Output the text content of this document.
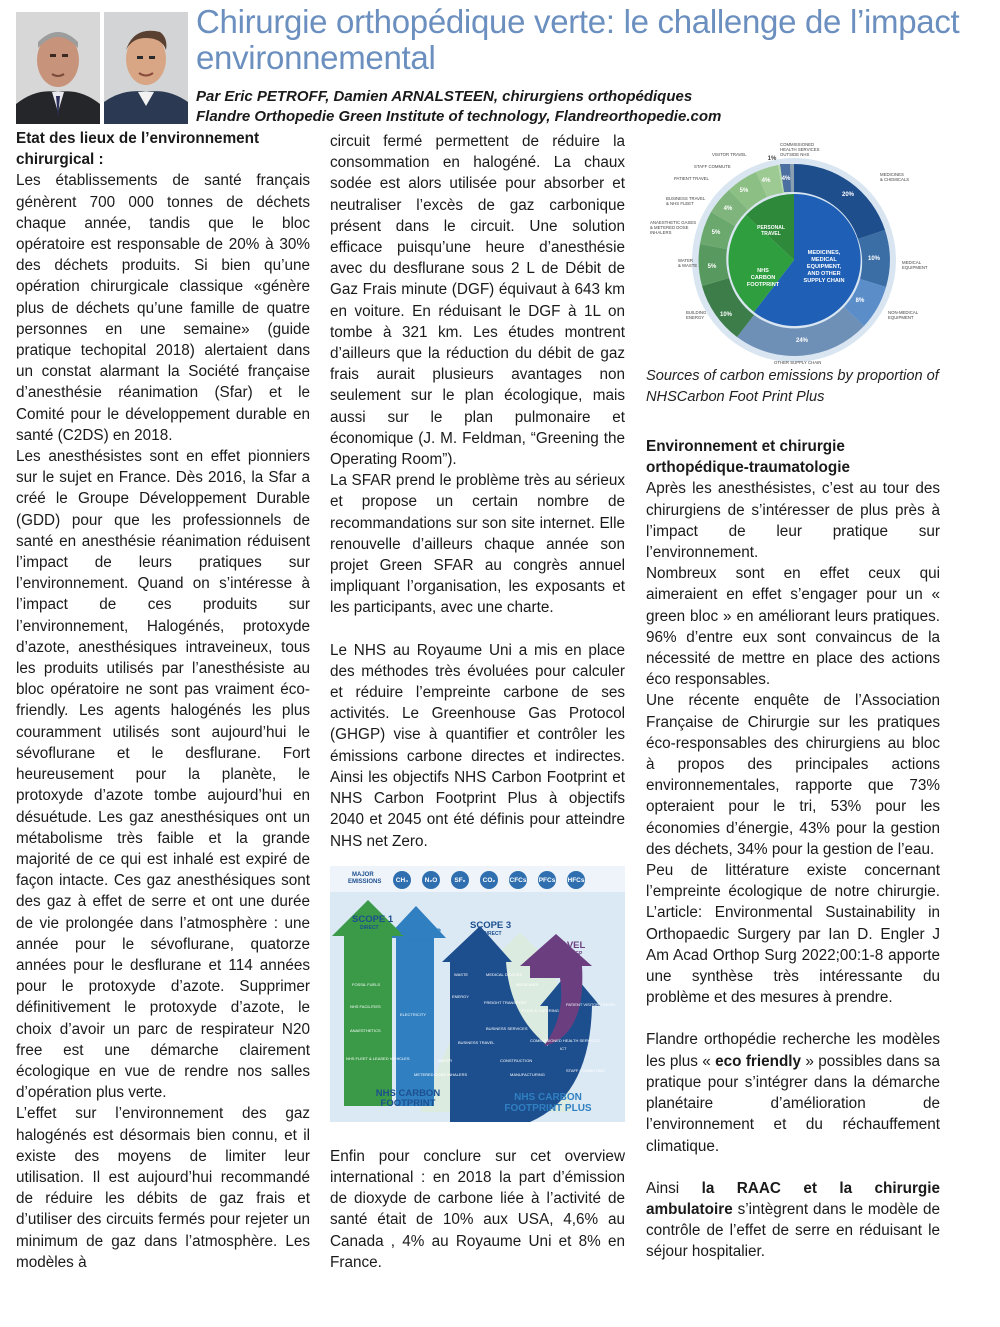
Chirurgie orthopédique verte: le challenge de l’impact environnemental
Par Eric PETROFF, Damien ARNALSTEEN, chirurgiens orthopédiques
Flandre Orthopedie Green Institute of technology, Flandreorthopedie.com

Etat des lieux de l’environnement chirurgical :

Les établissements de santé français génèrent 700 000 tonnes de déchets chaque année, tandis que le bloc opératoire est responsable de 20% à 30% des déchets produits. Si bien qu’une opération chirurgicale classique «génère plus de déchets qu’une famille de quatre personnes en une semaine» (guide pratique techopital 2018) alertaient dans un constat alarmant la Société française d’anesthésie réanimation (Sfar) et le Comité pour le développement durable en santé (C2DS) en 2018.

Les anesthésistes sont en effet pionniers sur le sujet en France. Dès 2016, la Sfar a créé le Groupe Développement Durable (GDD) pour que les professionnels de santé en anesthésie réanimation réduisent l’impact de leurs pratiques sur l’environnement. Quand on s’intéresse à l’impact de ces produits sur l’environnement, Halogénés, protoxyde d’azote, anesthésiques intraveineux, tous les produits utilisés par l’anesthésiste au bloc opératoire ne sont pas vraiment éco-friendly. Les agents halogénés les plus couramment utilisés sont aujourd’hui le sévoflurane et le desflurane. Fort heureusement pour la planète, le protoxyde d’azote tombe aujourd’hui en désuétude. Les gaz anesthésiques ont un métabolisme très faible et la grande majorité de ce qui est inhalé est expiré de façon intacte. Ces gaz anesthésiques sont des gaz à effet de serre et ont une durée de vie prolongée dans l’atmosphère : une année pour le sévoflurane, quatorze années pour le desflurane et 114 années pour le protoxyde d’azote. Supprimer définitivement le protoxyde d’azote, le choix d’avoir un parc de respirateur N20 free est une démarche clairement écologique en vue de rendre nos salles d’opération plus verte.

L’effet sur l’environnement des gaz halogénés est désormais bien connu, et il existe des moyens de limiter leur utilisation. Il est aujourd’hui recommandé de réduire les débits de gaz frais et d’utiliser des circuits fermés pour rejeter un minimum de gaz dans l’atmosphère. Les modèles à

circuit fermé permettent de réduire la consommation en halogéné. La chaux sodée est alors utilisée pour absorber et neutraliser l’excès de gaz carbonique présent dans le circuit. Une solution efficace puisqu’une heure d’anesthésie avec du desflurane sous 2 L de Débit de Gaz Frais minute (DGF) équivaut à 643 km en voiture. En réduisant le DGF à 1L on tombe à 321 km. Les études montrent d’ailleurs que la réduction du débit de gaz frais aurait plusieurs avantages non seulement sur le plan écologique, mais aussi sur le plan pulmonaire et économique (J. M. Feldman, “Greening the Operating Room”).

La SFAR prend le problème très au sérieux et propose un certain nombre de recommandations sur son site internet. Elle renouvelle d’ailleurs chaque année son projet Green SFAR au congrès annuel impliquant l’organisation, les exposants et les participants, avec une charte.

Le NHS au Royaume Uni a mis en place des méthodes très évoluées pour calculer et réduire l’empreinte carbone de ses activités. Le Greenhouse Gas Protocol (GHGP) vise à quantifier et contrôler les émissions carbone directes et indirectes. Ainsi les objectifs NHS Carbon Footprint et NHS Carbon Footprint Plus à objectifs 2040 et 2045 ont été définis pour atteindre NHS net Zero.

MAJOR
EMISSIONS CH₄	N₂O	SF₆	CO₂ CFCs PFCs HFCs
SCOPE 1
DIRECT SCOPE 2
INDIRECT
SCOPE 3
INDIRECT
TRAVEL
OUTSIDE GHGP
SCOPES
FOSSIL FUELS
NHS FACILITIES
ANAESTHETICS
NHS FLEET & LEASED VEHICLES
ELECTRICITY
ENERGY
WASTE
METERED DOSE INHALERS
WATER
MEDICAL DEVICES
FREIGHT TRANSPORT
MEDICINES
BUSINESS SERVICES
FOOD & CATERING
PATIENT VISITOR TRAVEL
CONSTRUCTION
MANUFACTURING
COMMISSIONED HEALTH SERVICES
ICT
STAFF COMMUTING
BUSINESS TRAVEL
NHS CARBON
FOOTPRINT
NHS CARBON
FOOTPRINT PLUS

Enfin pour conclure sur cet overview international : en 2018 la part d’émission de dioxyde de carbone liée à l’activité de santé était de 10% aux USA, 4,6% au Canada , 4% au Royaume Uni et 8% en France.

MEDICINES,
MEDICAL
EQUIPMENT,
AND OTHER
SUPPLY CHAIN
NHS
CARBON
FOOTPRINT
PERSONAL
TRAVEL
20%
10%
8%
24%
10%
5%
5%
4%
5%
4%
1%
4%
COMMISSIONED
HEALTH SERVICES
OUTSIDE NHS
MEDICINES
& CHEMICALS
MEDICAL
EQUIPMENT
NON-MEDICAL
EQUIPMENT
OTHER SUPPLY CHAIN
BUILDING
ENERGY
WATER
& WASTE
ANAESTHETIC GASES
& METERED DOSE
INHALERS
BUSINESS TRAVEL
& NHS FLEET
PATIENT TRAVEL
STAFF COMMUTE
VISITOR TRAVEL

Sources of carbon emissions by proportion of NHSCarbon Foot Print Plus

Environnement et chirurgie orthopédique-traumatologie

Après les anesthésistes, c’est au tour des chirurgiens de s’intéresser de plus près à l’impact de leur pratique sur l’environnement.

Nombreux sont en effet ceux qui aimeraient en effet s’engager pour un « green bloc » en améliorant leurs pratiques. 96% d’entre eux sont convaincus de la nécessité de mettre en place des actions éco responsables.

Une récente enquête de l’Association Française de Chirurgie sur les pratiques éco-responsables des chirurgiens au bloc à propos des principales actions environnementales, rapporte que 73% opteraient pour le tri, 53% pour les économies d’énergie, 43% pour la gestion des déchets, 34% pour la gestion de l’eau.

Peu de littérature existe concernant l’empreinte écologique de notre chirurgie. L’article: Environmental Sustainability in Orthopaedic Surgery par Ian D. Engler J Am Acad Orthop Surg 2022;00:1-8 apporte une synthèse très intéressante du problème et des mesures à prendre.

Flandre orthopédie recherche les modèles les plus « eco friendly » possibles dans sa pratique pour s’intégrer dans la démarche planétaire d’amélioration de l’environnement et du réchauffement climatique.

Ainsi la RAAC et la chirurgie ambulatoire s’intègrent dans le modèle de contrôle de l’effet de serre en réduisant le séjour hospitalier.
